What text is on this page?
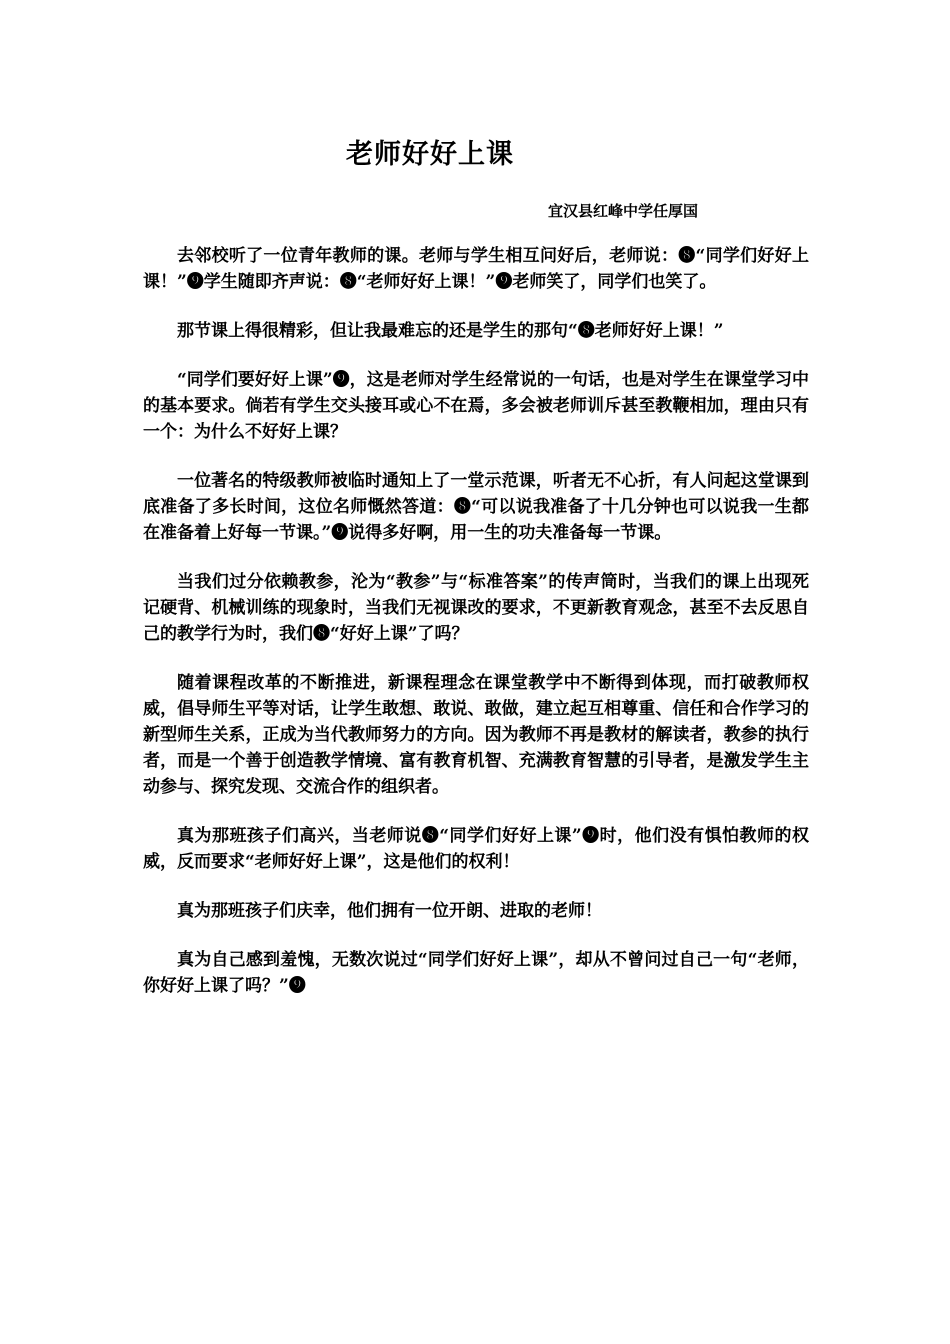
老师好好上课
宜汉县红峰中学任厚国

去邻校听了一位青年教师的课。老师与学生相互问好后，老师说：❽“同学们好好上课！”❾学生随即齐声说：❽“老师好好上课！”❾老师笑了，同学们也笑了。

那节课上得很精彩，但让我最难忘的还是学生的那句“❽老师好好上课！”

“同学们要好好上课”❾，这是老师对学生经常说的一句话，也是对学生在课堂学习中的基本要求。倘若有学生交头接耳或心不在焉，多会被老师训斥甚至教鞭相加，理由只有一个：为什么不好好上课？

一位著名的特级教师被临时通知上了一堂示范课，听者无不心折，有人问起这堂课到底准备了多长时间，这位名师慨然答道：❽“可以说我准备了十几分钟也可以说我一生都在准备着上好每一节课。”❾说得多好啊，用一生的功夫准备每一节课。

当我们过分依赖教参，沦为“教参”与“标准答案”的传声筒时，当我们的课上出现死记硬背、机械训练的现象时，当我们无视课改的要求，不更新教育观念，甚至不去反思自己的教学行为时，我们❽“好好上课”了吗？

随着课程改革的不断推进，新课程理念在课堂教学中不断得到体现，而打破教师权威，倡导师生平等对话，让学生敢想、敢说、敢做，建立起互相尊重、信任和合作学习的新型师生关系，正成为当代教师努力的方向。因为教师不再是教材的解读者，教参的执行者，而是一个善于创造教学情境、富有教育机智、充满教育智慧的引导者，是激发学生主动参与、探究发现、交流合作的组织者。

真为那班孩子们高兴，当老师说❽“同学们好好上课”❾时，他们没有惧怕教师的权威，反而要求“老师好好上课”，这是他们的权利！

真为那班孩子们庆幸，他们拥有一位开朗、进取的老师！

真为自己感到羞愧，无数次说过“同学们好好上课”，却从不曾问过自己一句“老师，你好好上课了吗？”❾
